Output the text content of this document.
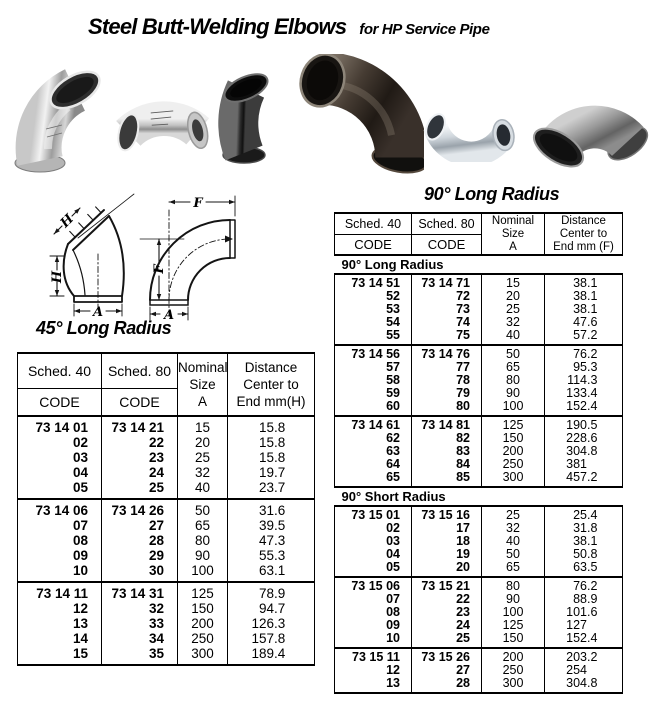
Steel Butt-Welding Elbows for HP Service Pipe
H
H
A
F
F
A
45° Long Radius
90° Long Radius
Sched. 40	Sched. 80	Nominal
Size
A

Distance
Center to
End mm(H)

CODE	CODE		
73 14 01	73 14 21	15	15.8
02	22	20	15.8
03	23	25	15.8
04	24	32	19.7
05	25	40	23.7
73 14 06	73 14 26	50	31.6
07	27	65	39.5
08	28	80	47.3
09	29	90	55.3
10	30	100	63.1
73 14 11	73 14 31	125	78.9
12	32	150	94.7
13	33	200	126.3
14	34	250	157.8
15	35	300	189.4
Sched. 40	Sched. 80	Nominal
Size
A

Distance
Center to
End mm (F)

CODE	CODE		
90° Long Radius			
73 14 51	73 14 71	15	38.1
52	72	20	38.1
53	73	25	38.1
54	74	32	47.6
55	75	40	57.2
73 14 56	73 14 76	50	76.2
57	77	65	95.3
58	78	80	114.3
59	79	90	133.4
60	80	100	152.4
73 14 61	73 14 81	125	190.5
62	82	150	228.6
63	83	200	304.8
64	84	250	381
65	85	300	457.2
90° Short Radius			
73 15 01	73 15 16	25	25.4
02	17	32	31.8
03	18	40	38.1
04	19	50	50.8
05	20	65	63.5
73 15 06	73 15 21	80	76.2
07	22	90	88.9
08	23	100	101.6
09	24	125	127
10	25	150	152.4
73 15 11	73 15 26	200	203.2
12	27	250	254
13	28	300	304.8
